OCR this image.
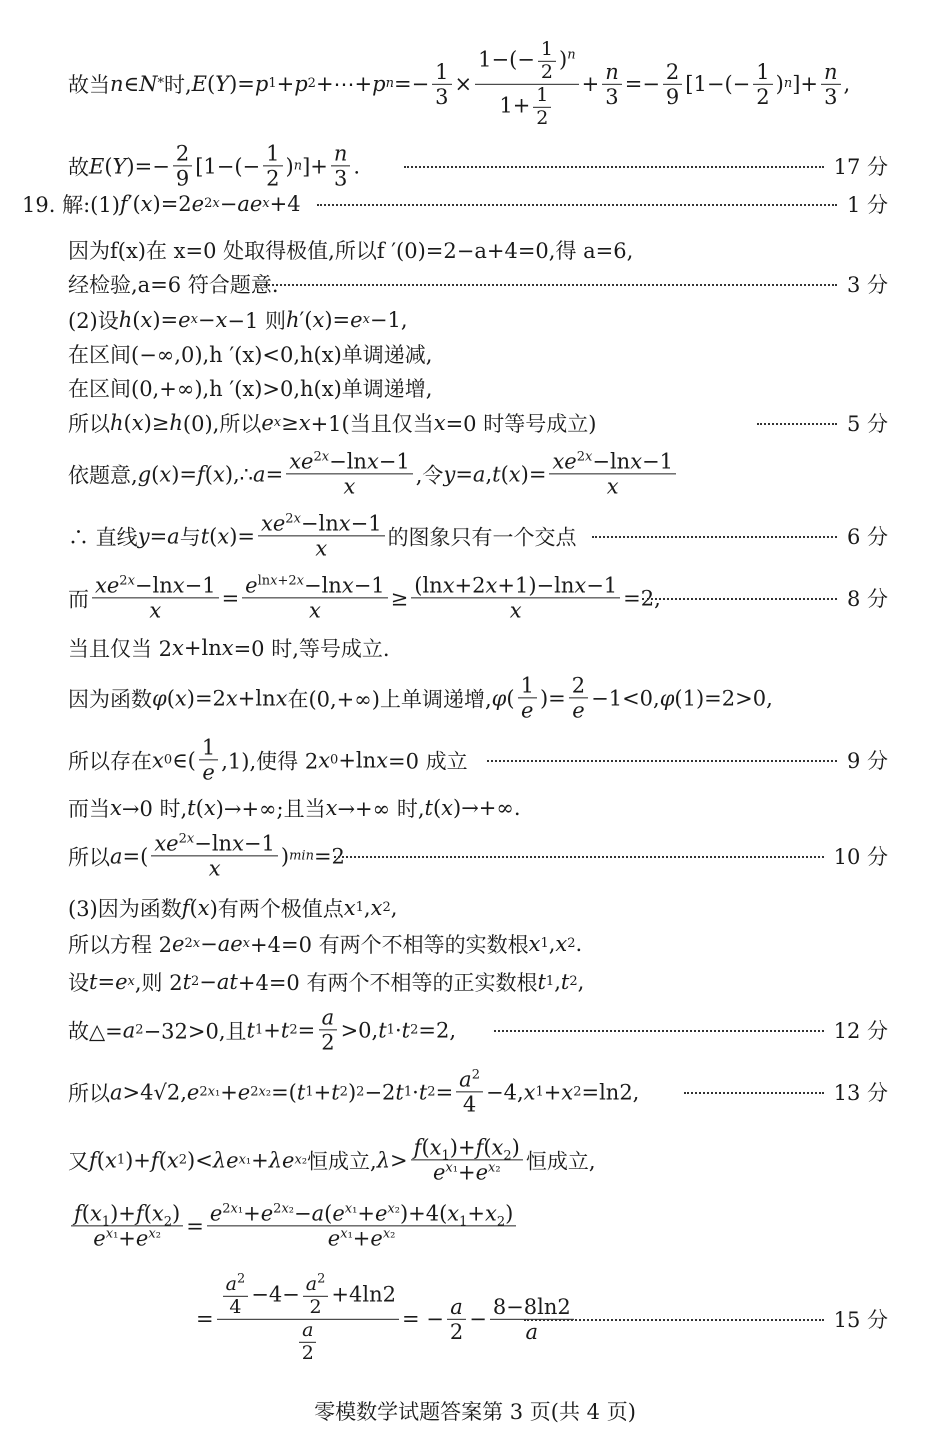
故当 n ∈ N * 时, E ( Y )= p 1 + p 2 +⋯+ p $n =- \frac{1}{3} \times \frac{1-(- \frac{1}{2} )^n}{1+ \frac{1}{2}} + \frac{n}{3} =- \frac{2}{9} [1-(- \frac{1}{2}$ ) n ]+ $\frac{n}{3}$ ,
故 E ( Y )=− $\frac{2}{9} [1-(- \frac{1}{2}$ ) n ]+ $\frac{n}{3}$ .	17 分
19. 解:(1) f ′( x )=2 e 2x − ae x +4	1 分
因为f(x)在 x=0 处取得极值,所以f ′(0)=2−a+4=0,得 a=6,
经检验,a=6 符合题意.	3 分
(2)设 h ( x )= e x − x −1 则 h ′( x )= e x −1,
在区间(−∞,0),h ′(x)<0,h(x)单调递减,
在区间(0,+∞),h ′(x)>0,h(x)单调递增,
所以 h ( x )≥ h (0),所以 e x ≥ x +1(当且仅当 x =0 时等号成立)	5 分
依题意, g ( x )= f ( x ),∴ $a = \frac{xe^{2x}-\ln x-1}{x}$ ,令 y = a , t ( x )= $\frac{xe^{2x}-\ln x-1}{x}$
∴ 直线 y = a 与 t ( x )= $\frac{xe^{2x}-\ln x-1}{x}$ 的图象只有一个交点	6 分
而 $\frac{xe^{2x}-\ln x-1}{x} = \frac{e^{lnx+2x}-\ln x-1}{x} \ge \frac{(\ln x+2x+1)-\ln x-1}{x} =2$,	8 分
当且仅当 2 x +ln x =0 时,等号成立.
因为函数 φ ( x )=2 x +ln x 在(0,+∞)上单调递增, φ ( $\frac{1}{e}$ )= $\frac{2}{e} -1<0$, φ (1)=2>0,
所以存在 x 0 ∈( $\frac{1}{e} ,1$),使得 2 x 0 +ln x =0 成立	9 分
而当 x →0 时, t ( x )→+∞;且当 x →+∞ 时, t ( x )→+∞.
所以 a =( $\frac{xe^{2x}-\ln x-1}{x}$ ) min =2	10 分
(3)因为函数 f ( x )有两个极值点 x 1 , x 2 ,
所以方程 2 e 2x − ae x +4=0 有两个不相等的实数根 x 1 , x 2 .
设 t = e x ,则 2 t 2 − at +4=0 有两个不相等的正实数根 t 1 , t 2 ,
故△= a 2 −32>0,且 t 1 + t $2 = \frac{a}{2} >0$, t 1 · t 2 =2,	12 分
所以 a >4√2, e 2x₁ + e 2x₂ =( t 1 + t 2 ) 2 −2 t 1 · t $2 = \frac{a^2}{4} -4$, x 1 + x 2 =ln2,	13 分
又 f ( x 1 )+ f ( x 2 )< λe x₁ + λe x₂ 恒成立, $\lambda > \frac{f(x_1)+f(x_2)}{e^{x_1}+e^{x_2}}$ 恒成立,
$\frac{f(x_1)+f(x_2)}{e^{x_1}+e^{x_2}} = \frac{e^{2x_1}+e^{2x_2}-a(e^{x_1}+e^{x_2})+4(x_1+x_2)}{e^{x_1}+e^{x_2}}$
= $\frac{\frac{a^2}{4} -4- \frac{a^2}{2} +4\ln 2}{\frac{a}{2}}$ = − $\frac{a}{2} - \frac{8-8\ln 2}{a}$	15 分
零模数学试题答案第 3 页(共 4 页)
